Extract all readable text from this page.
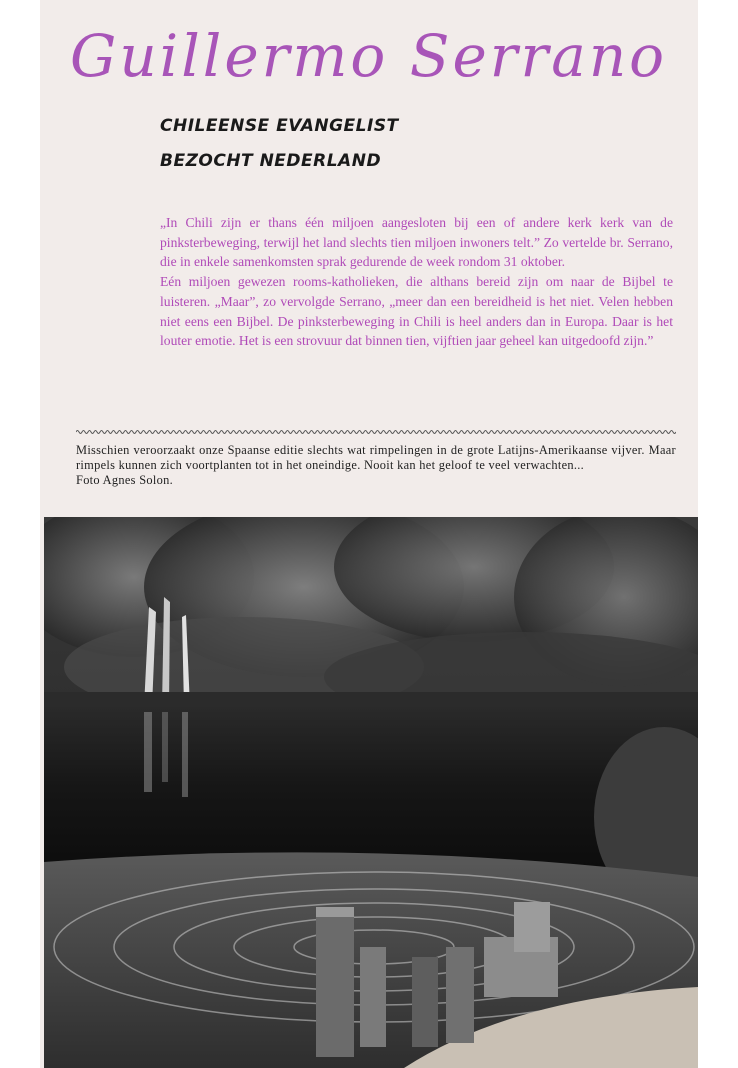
Guillermo Serrano
CHILEENSE EVANGELIST
BEZOCHT NEDERLAND

„In Chili zijn er thans één miljoen aangesloten bij een of andere kerk kerk van de pinksterbeweging, terwijl het land slechts tien miljoen inwoners telt.” Zo vertelde br. Serrano, die in enkele samenkomsten sprak gedurende de week rondom 31 oktober.

Eén miljoen gewezen rooms-katholieken, die althans bereid zijn om naar de Bijbel te luisteren. „Maar”, zo vervolgde Serrano, „meer dan een bereidheid is het niet. Velen hebben niet eens een Bijbel. De pinksterbeweging in Chili is heel anders dan in Europa. Daar is het louter emotie. Het is een strovuur dat binnen tien, vijftien jaar geheel kan uitgedoofd zijn.”

Misschien veroorzaakt onze Spaanse editie slechts wat rimpelingen in de grote Latijns-Amerikaanse vijver. Maar rimpels kunnen zich voortplanten tot in het oneindige. Nooit kan het geloof te veel verwachten...

Foto Agnes Solon.
